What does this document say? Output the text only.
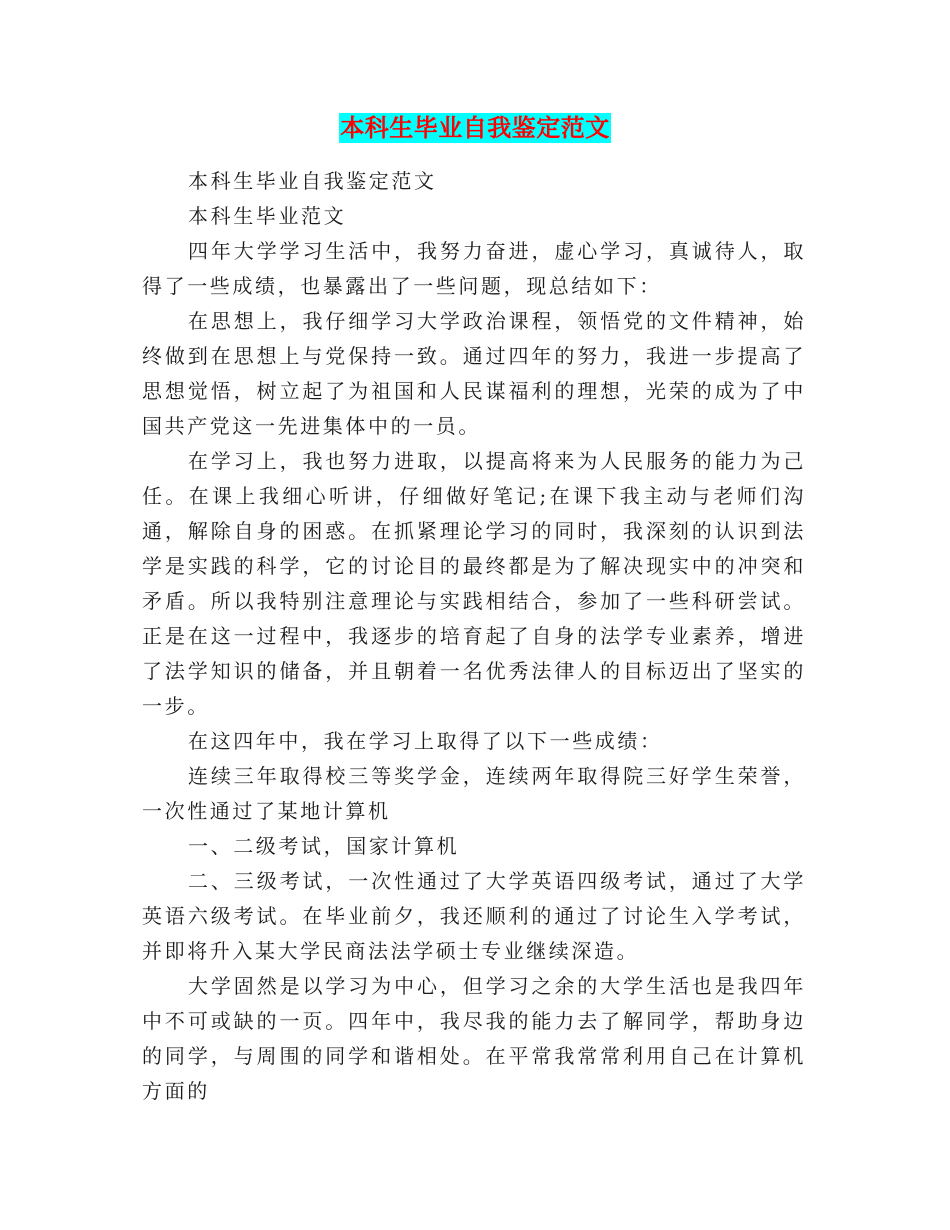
本科生毕业自我鉴定范文

本科生毕业自我鉴定范文

本科生毕业范文

四年大学学习生活中，我努力奋进，虚心学习，真诚待人，取得了一些成绩，也暴露出了一些问题，现总结如下：

在思想上，我仔细学习大学政治课程，领悟党的文件精神，始终做到在思想上与党保持一致。通过四年的努力，我进一步提高了思想觉悟，树立起了为祖国和人民谋福利的理想，光荣的成为了中国共产党这一先进集体中的一员。

在学习上，我也努力进取，以提高将来为人民服务的能力为己任。在课上我细心听讲，仔细做好笔记;在课下我主动与老师们沟通，解除自身的困惑。在抓紧理论学习的同时，我深刻的认识到法学是实践的科学，它的讨论目的最终都是为了解决现实中的冲突和矛盾。所以我特别注意理论与实践相结合，参加了一些科研尝试。正是在这一过程中，我逐步的培育起了自身的法学专业素养，增进了法学知识的储备，并且朝着一名优秀法律人的目标迈出了坚实的一步。

在这四年中，我在学习上取得了以下一些成绩：

连续三年取得校三等奖学金，连续两年取得院三好学生荣誉，一次性通过了某地计算机

一、二级考试，国家计算机

二、三级考试，一次性通过了大学英语四级考试，通过了大学英语六级考试。在毕业前夕，我还顺利的通过了讨论生入学考试，并即将升入某大学民商法法学硕士专业继续深造。

大学固然是以学习为中心，但学习之余的大学生活也是我四年中不可或缺的一页。四年中，我尽我的能力去了解同学，帮助身边的同学，与周围的同学和谐相处。在平常我常常利用自己在计算机方面的
